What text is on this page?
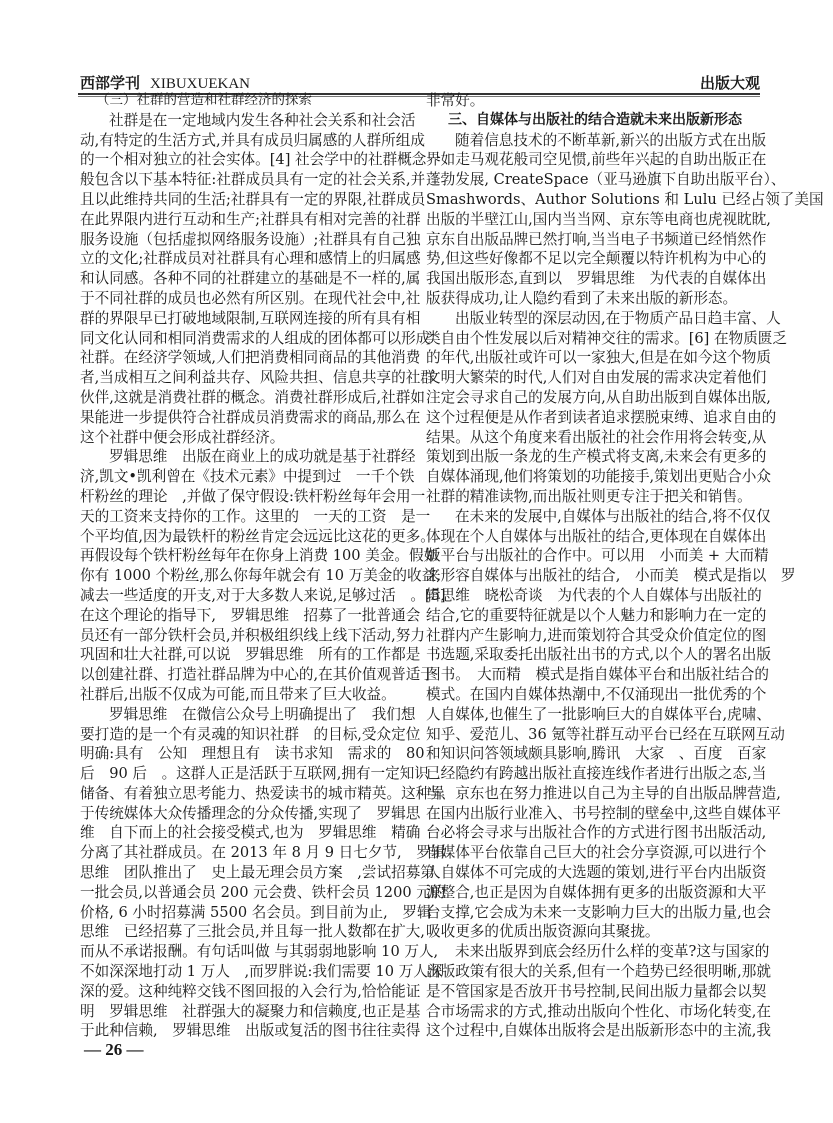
西部学刊 XIBUXUEKAN	出版大观
（三）社群的营造和社群经济的探索
社群是在一定地域内发生各种社会关系和社会活
动,有特定的生活方式,并具有成员归属感的人群所组成
的一个相对独立的社会实体。[4] 社会学中的社群概念一
般包含以下基本特征:社群成员具有一定的社会关系,并
且以此维持共同的生活;社群具有一定的界限,社群成员
在此界限内进行互动和生产;社群具有相对完善的社群
服务设施（包括虚拟网络服务设施）;社群具有自己独
立的文化;社群成员对社群具有心理和感情上的归属感
和认同感。各种不同的社群建立的基础是不一样的,属
于不同社群的成员也必然有所区别。在现代社会中,社
群的界限早已打破地域限制,互联网连接的所有具有相
同文化认同和相同消费需求的人组成的团体都可以形成
社群。在经济学领域,人们把消费相同商品的其他消费
者,当成相互之间利益共存、风险共担、信息共享的社群
伙伴,这就是消费社群的概念。消费社群形成后,社群如
果能进一步提供符合社群成员消费需求的商品,那么在
这个社群中便会形成社群经济。
罗辑思维　出版在商业上的成功就是基于社群经
济,凯文•凯利曾在《技术元素》中提到过　一千个铁
杆粉丝的理论　,并做了保守假设:铁杆粉丝每年会用一
天的工资来支持你的工作。这里的　一天的工资　是一
个平均值,因为最铁杆的粉丝肯定会远远比这花的更多。
再假设每个铁杆粉丝每年在你身上消费 100 美金。假如
你有 1000 个粉丝,那么你每年就会有 10 万美金的收益,
减去一些适度的开支,对于大多数人来说,足够过活　。[5]
在这个理论的指导下,　罗辑思维　招募了一批普通会
员还有一部分铁杆会员,并积极组织线上线下活动,努力
巩固和壮大社群,可以说　罗辑思维　所有的工作都是
以创建社群、打造社群品牌为中心的,在其价值观普适于
社群后,出版不仅成为可能,而且带来了巨大收益。
罗辑思维　在微信公众号上明确提出了　我们想
要打造的是一个有灵魂的知识社群　的目标,受众定位
明确:具有　公知　理想且有　读书求知　需求的　80
后　90 后　。这群人正是活跃于互联网,拥有一定知识
储备、有着独立思考能力、热爱读书的城市精英。这种异
于传统媒体大众传播理念的分众传播,实现了　罗辑思
维　自下而上的社会接受模式,也为　罗辑思维　精确
分离了其社群成员。在 2013 年 8 月 9 日七夕节,　罗辑
思维　团队推出了　史上最无理会员方案　,尝试招募第
一批会员,以普通会员 200 元会费、铁杆会员 1200 元的
价格, 6 小时招募满 5500 名会员。到目前为止,　罗辑
思维　已经招募了三批会员,并且每一批人数都在扩大,
而从不承诺报酬。有句话叫做 与其弱弱地影响 10 万人,
不如深深地打动 1 万人　,而罗胖说:我们需要 10 万人深
深的爱。这种纯粹交钱不图回报的入会行为,恰恰能证
明　罗辑思维　社群强大的凝聚力和信赖度,也正是基
于此种信赖,　罗辑思维　出版或复活的图书往往卖得
非常好。
三、自媒体与出版社的结合造就未来出版新形态
随着信息技术的不断革新,新兴的出版方式在出版
界如走马观花般司空见惯,前些年兴起的自助出版正在
蓬勃发展, CreateSpace（亚马逊旗下自助出版平台）、
Smashwords、Author Solutions 和 Lulu 已经占领了美国
出版的半壁江山,国内当当网、京东等电商也虎视眈眈,
京东自出版品牌已然打响,当当电子书频道已经悄然作
势,但这些好像都不足以完全颠覆以特许机构为中心的
我国出版形态,直到以　罗辑思维　为代表的自媒体出
版获得成功,让人隐约看到了未来出版的新形态。
出版业转型的深层动因,在于物质产品日趋丰富、人
类自由个性发展以后对精神交往的需求。[6] 在物质匮乏
的年代,出版社或许可以一家独大,但是在如今这个物质
文明大繁荣的时代,人们对自由发展的需求决定着他们
注定会寻求自己的发展方向,从自助出版到自媒体出版,
这个过程便是从作者到读者追求摆脱束缚、追求自由的
结果。从这个角度来看出版社的社会作用将会转变,从
策划到出版一条龙的生产模式将支离,未来会有更多的
自媒体涌现,他们将策划的功能接手,策划出更贴合小众
社群的精准读物,而出版社则更专注于把关和销售。
在未来的发展中,自媒体与出版社的结合,将不仅仅
体现在个人自媒体与出版社的结合,更体现在自媒体出
版平台与出版社的合作中。可以用　小而美 + 大而精
来形容自媒体与出版社的结合,　小而美　模式是指以　罗
辑思维　晓松奇谈　为代表的个人自媒体与出版社的
结合,它的重要特征就是以个人魅力和影响力在一定的
社群内产生影响力,进而策划符合其受众价值定位的图
书选题,采取委托出版社出书的方式,以个人的署名出版
图书。　大而精　模式是指自媒体平台和出版社结合的
模式。在国内自媒体热潮中,不仅涌现出一批优秀的个
人自媒体,也催生了一批影响巨大的自媒体平台,虎啸、
知乎、爱范儿、36 氪等社群互动平台已经在互联网互动
和知识问答领域颇具影响,腾讯　大家　、百度　百家　
已经隐约有跨越出版社直接连线作者进行出版之态,当
当、京东也在努力推进以自己为主导的自出版品牌营造,
在国内出版行业准入、书号控制的壁垒中,这些自媒体平
台必将会寻求与出版社合作的方式进行图书出版活动,
自媒体平台依靠自己巨大的社会分享资源,可以进行个
人自媒体不可完成的大选题的策划,进行平台内出版资
源整合,也正是因为自媒体拥有更多的出版资源和大平
台支撑,它会成为未来一支影响力巨大的出版力量,也会
吸收更多的优质出版资源向其聚拢。
未来出版界到底会经历什么样的变革?这与国家的
出版政策有很大的关系,但有一个趋势已经很明晰,那就
是不管国家是否放开书号控制,民间出版力量都会以契
合市场需求的方式,推动出版向个性化、市场化转变,在
这个过程中,自媒体出版将会是出版新形态中的主流,我
— 26 —
